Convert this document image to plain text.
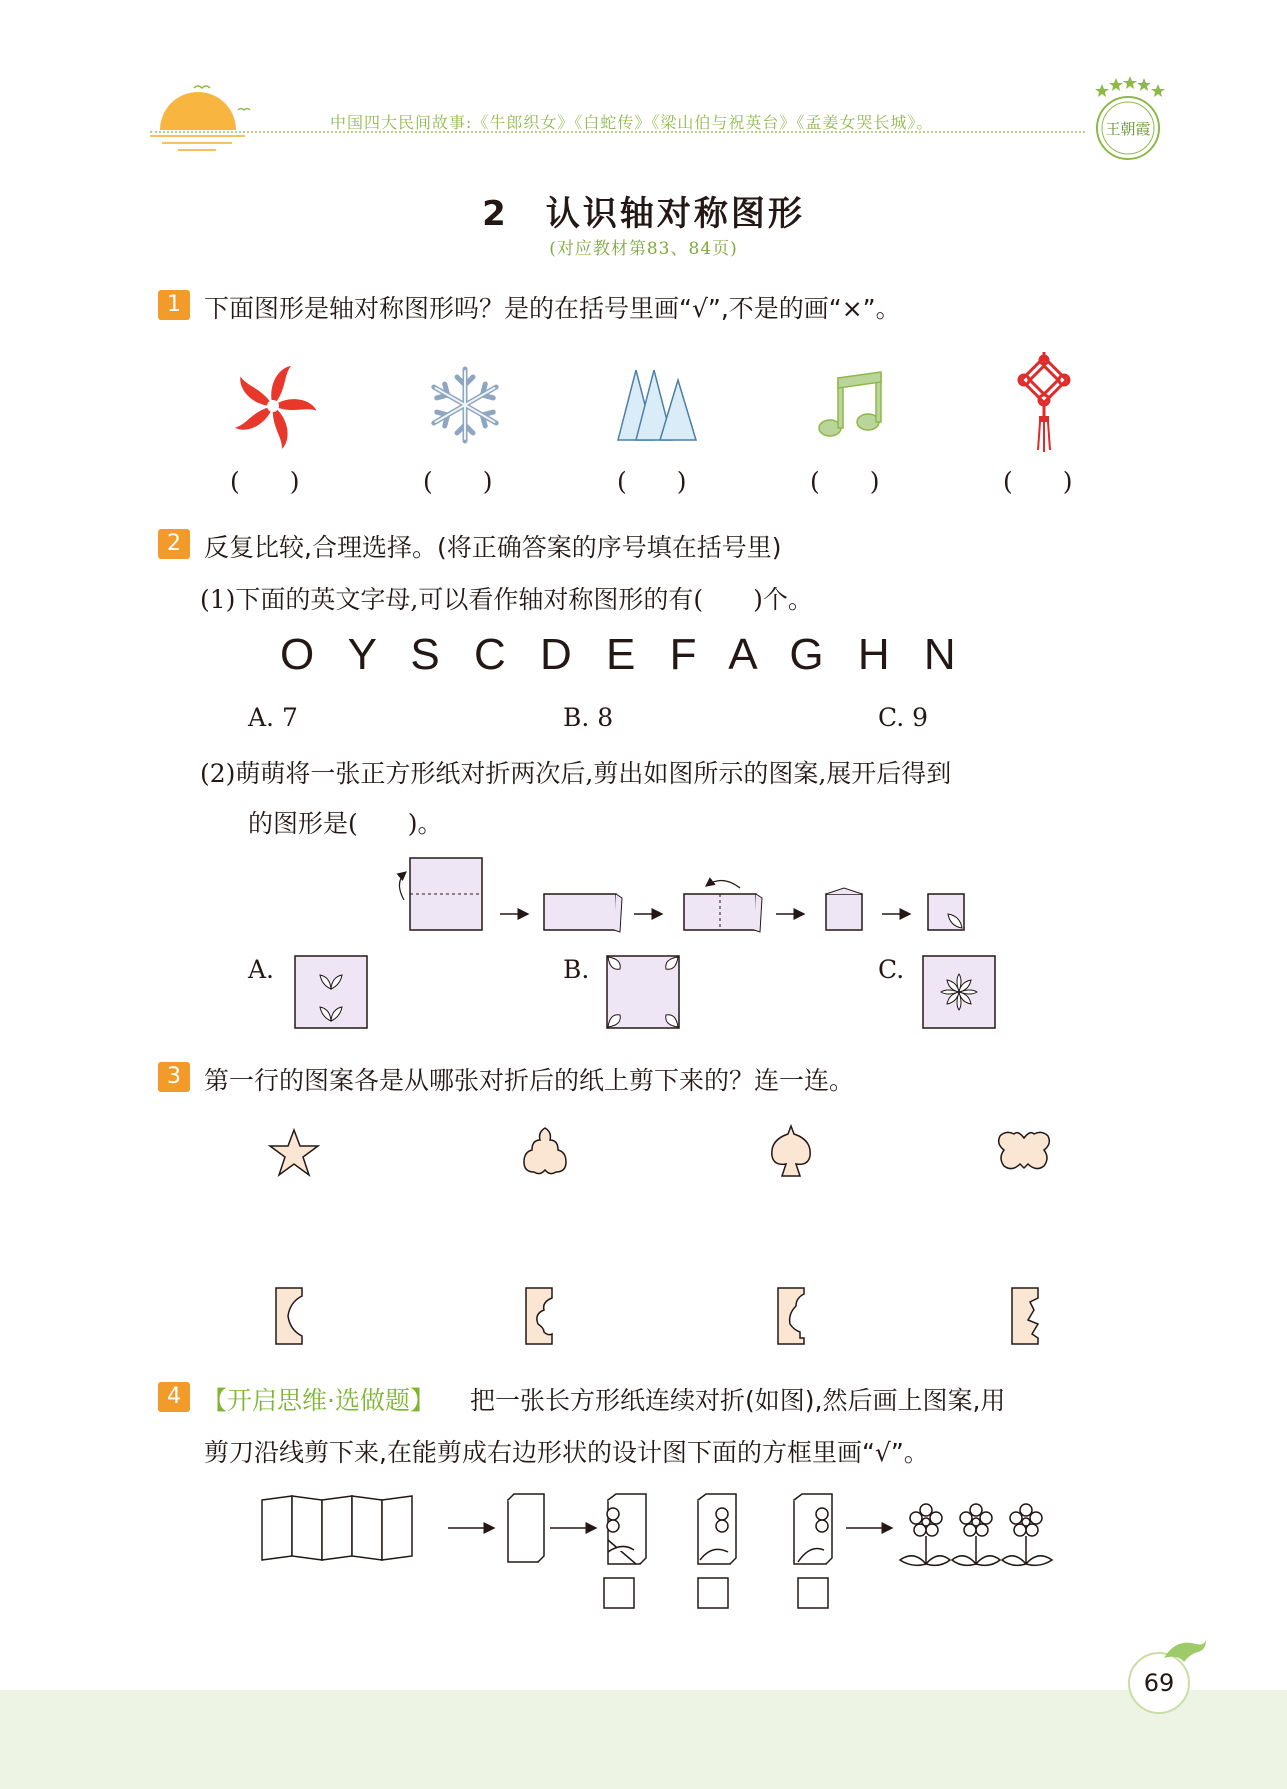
中国四大民间故事:《牛郎织女》《白蛇传》《梁山伯与祝英台》《孟姜女哭长城》。	王朝霞
2　认识轴对称图形
(对应教材第83、84页)
1 下面图形是轴对称图形吗？是的在括号里画“√”,不是的画“×”。
(　　)	(　　)	(　　)	(　　)	(　　)
2 反复比较,合理选择。(将正确答案的序号填在括号里)
(1)下面的英文字母,可以看作轴对称图形的有(　　)个。
O Y S C D E F A G H N
A. 7	B. 8	C. 9
(2)萌萌将一张正方形纸对折两次后,剪出如图所示的图案,展开后得到
的图形是(　　)。
A.	B.	C.
3 第一行的图案各是从哪张对折后的纸上剪下来的？连一连。
4 【开启思维·选做题】 把一张长方形纸连续对折(如图),然后画上图案,用
剪刀沿线剪下来,在能剪成右边形状的设计图下面的方框里画“√”。
69
